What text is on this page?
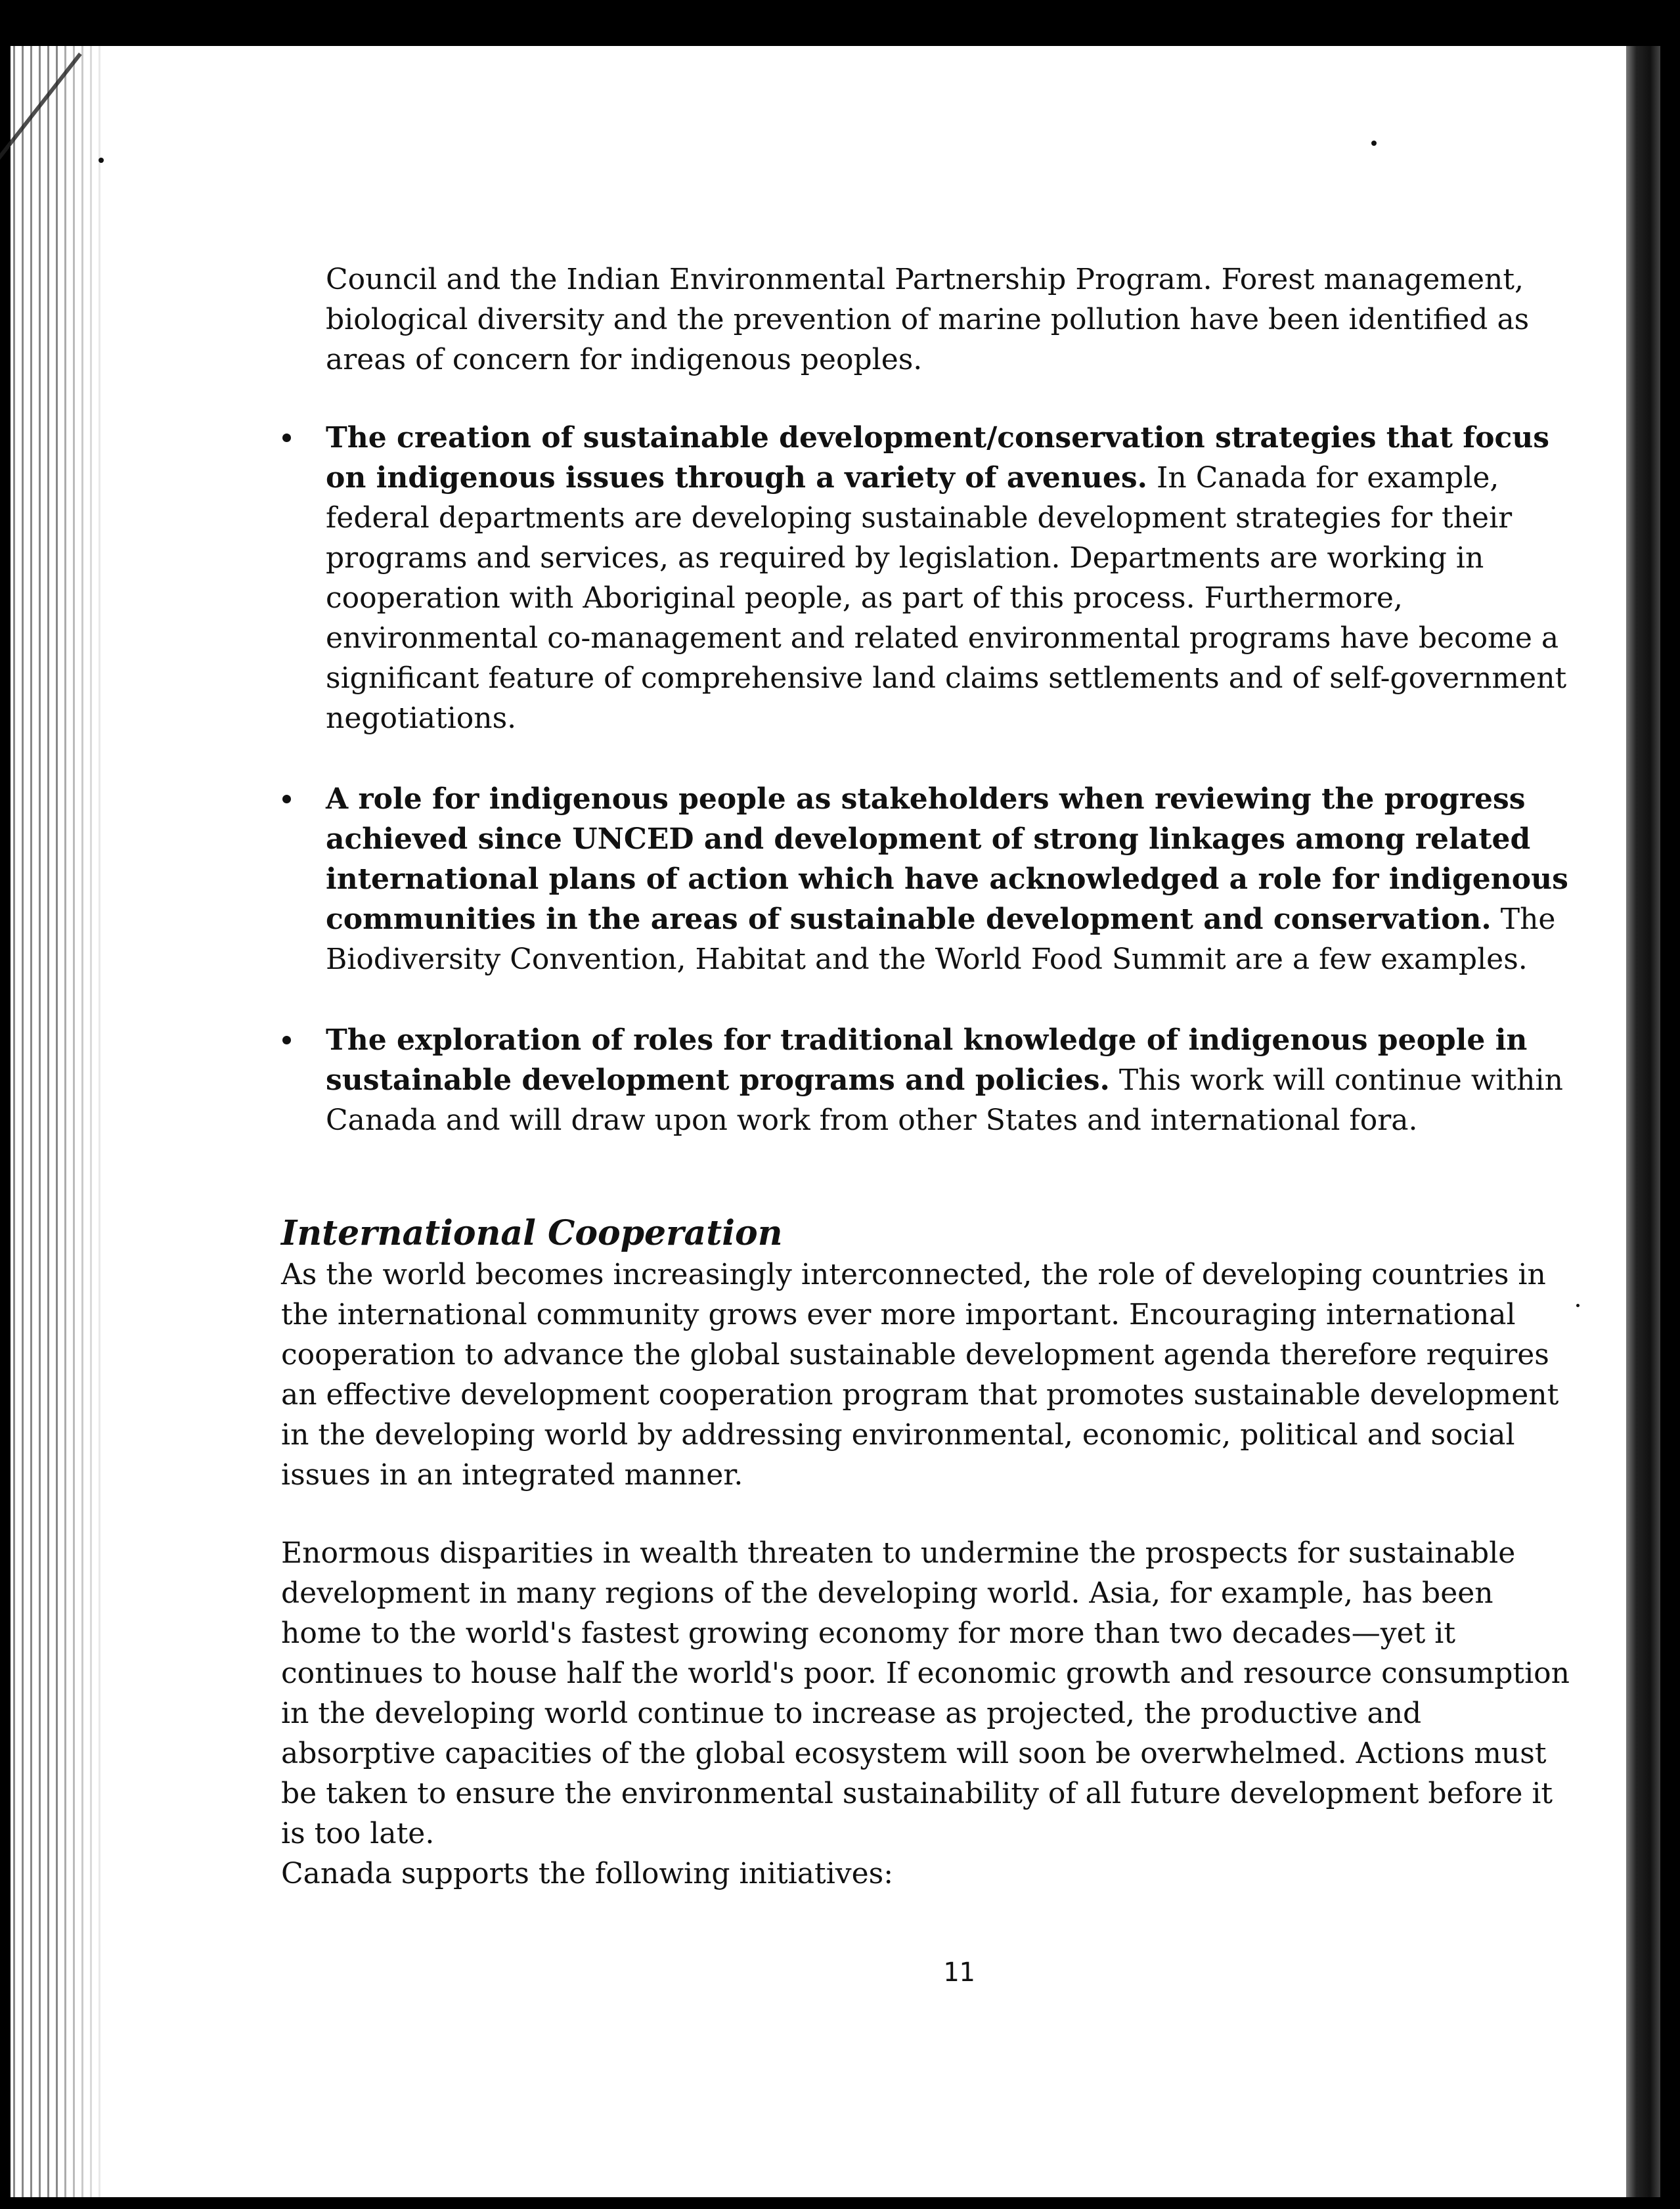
Council and the Indian Environmental Partnership Program. Forest management, biological diversity and the prevention of marine pollution have been identified as areas of concern for indigenous peoples.

The creation of sustainable development/conservation strategies that focus on indigenous issues through a variety of avenues. In Canada for example, federal departments are developing sustainable development strategies for their programs and services, as required by legislation. Departments are working in cooperation with Aboriginal people, as part of this process. Furthermore, environmental co-management and related environmental programs have become a significant feature of comprehensive land claims settlements and of self-government negotiations.
A role for indigenous people as stakeholders when reviewing the progress achieved since UNCED and development of strong linkages among related international plans of action which have acknowledged a role for indigenous communities in the areas of sustainable development and conservation. The Biodiversity Convention, Habitat and the World Food Summit are a few examples.
The exploration of roles for traditional knowledge of indigenous people in sustainable development programs and policies. This work will continue within Canada and will draw upon work from other States and international fora.
International Cooperation

As the world becomes increasingly interconnected, the role of developing countries in the international community grows ever more important. Encouraging international cooperation to advance the global sustainable development agenda therefore requires an effective development cooperation program that promotes sustainable development in the developing world by addressing environmental, economic, political and social issues in an integrated manner.

Enormous disparities in wealth threaten to undermine the prospects for sustainable development in many regions of the developing world. Asia, for example, has been home to the world's fastest growing economy for more than two decades—yet it continues to house half the world's poor. If economic growth and resource consumption in the developing world continue to increase as projected, the productive and absorptive capacities of the global ecosystem will soon be overwhelmed. Actions must be taken to ensure the environmental sustainability of all future development before it is too late.

Canada supports the following initiatives:

11
